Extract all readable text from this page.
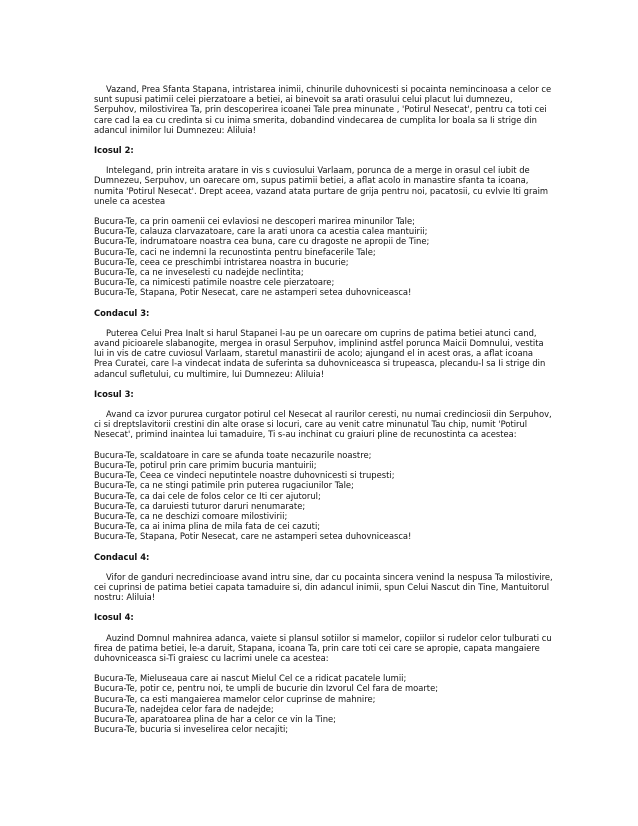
Vazand, Prea Sfanta Stapana, intristarea inimii, chinurile duhovnicesti si pocainta nemincinoasa a celor ce sunt supusi patimii celei pierzatoare a betiei, ai binevoit sa arati orasului celui placut lui dumnezeu, Serpuhov, milostivirea Ta, prin descoperirea icoanei Tale prea minunate , 'Potirul Nesecat', pentru ca toti cei care cad la ea cu credinta si cu inima smerita, dobandind vindecarea de cumplita lor boala sa Ii strige din adancul inimilor lui Dumnezeu: Aliluia!

Icosul 2:

Intelegand, prin intreita aratare in vis s cuviosului Varlaam, porunca de a merge in orasul cel iubit de Dumnezeu, Serpuhov, un oarecare om, supus patimii betiei, a aflat acolo in manastire sfanta ta icoana, numita 'Potirul Nesecat'. Drept aceea, vazand atata purtare de grija pentru noi, pacatosii, cu evlvie Iti graim unele ca acestea

Bucura-Te, ca prin oamenii cei evlaviosi ne descoperi marirea minunilor Tale;
Bucura-Te, calauza clarvazatoare, care la arati unora ca acestia calea mantuirii;
Bucura-Te, indrumatoare noastra cea buna, care cu dragoste ne apropii de Tine;
Bucura-Te, caci ne indemni la recunostinta pentru binefacerile Tale;
Bucura-Te, ceea ce preschimbi intristarea noastra in bucurie;
Bucura-Te, ca ne inveselesti cu nadejde neclintita;
Bucura-Te, ca nimicesti patimile noastre cele pierzatoare;
Bucura-Te, Stapana, Potir Nesecat, care ne astamperi setea duhovniceasca!
Condacul 3:

Puterea Celui Prea Inalt si harul Stapanei l-au pe un oarecare om cuprins de patima betiei atunci cand, avand picioarele slabanogite, mergea in orasul Serpuhov, implinind astfel porunca Maicii Domnului, vestita lui in vis de catre cuviosul Varlaam, staretul manastirii de acolo; ajungand el in acest oras, a aflat icoana Prea Curatei, care l-a vindecat indata de suferinta sa duhovniceasca si trupeasca, plecandu-l sa Ii strige din adancul sufletului, cu multimire, lui Dumnezeu: Aliluia!

Icosul 3:

Avand ca izvor pururea curgator potirul cel Nesecat al raurilor ceresti, nu numai credinciosii din Serpuhov, ci si dreptslavitorii crestini din alte orase si locuri, care au venit catre minunatul Tau chip, numit 'Potirul Nesecat', primind inaintea lui tamaduire, Ti s-au inchinat cu graiuri pline de recunostinta ca acestea:

Bucura-Te, scaldatoare in care se afunda toate necazurile noastre;
Bucura-Te, potirul prin care primim bucuria mantuirii;
Bucura-Te, Ceea ce vindeci neputintele noastre duhovnicesti si trupesti;
Bucura-Te, ca ne stingi patimile prin puterea rugaciunilor Tale;
Bucura-Te, ca dai cele de folos celor ce Iti cer ajutorul;
Bucura-Te, ca daruiesti tuturor daruri nenumarate;
Bucura-Te, ca ne deschizi comoare milostivirii;
Bucura-Te, ca ai inima plina de mila fata de cei cazuti;
Bucura-Te, Stapana, Potir Nesecat, care ne astamperi setea duhovniceasca!
Condacul 4:

Vifor de ganduri necredincioase avand intru sine, dar cu pocainta sincera venind la nespusa Ta milostivire, cei cuprinsi de patima betiei capata tamaduire si, din adancul inimii, spun Celui Nascut din Tine, Mantuitorul nostru: Aliluia!

Icosul 4:

Auzind Domnul mahnirea adanca, vaiete si plansul sotiilor si mamelor, copiilor si rudelor celor tulburati cu firea de patima betiei, le-a daruit, Stapana, icoana Ta, prin care toti cei care se apropie, capata mangaiere duhovniceasca si-Ti graiesc cu lacrimi unele ca acestea:

Bucura-Te, Mieluseaua care ai nascut Mielul Cel ce a ridicat pacatele lumii;
Bucura-Te, potir ce, pentru noi, te umpli de bucurie din Izvorul Cel fara de moarte;
Bucura-Te, ca esti mangaierea mamelor celor cuprinse de mahnire;
Bucura-Te, nadejdea celor fara de nadejde;
Bucura-Te, aparatoarea plina de har a celor ce vin la Tine;
Bucura-Te, bucuria si inveselirea celor necajiti;
